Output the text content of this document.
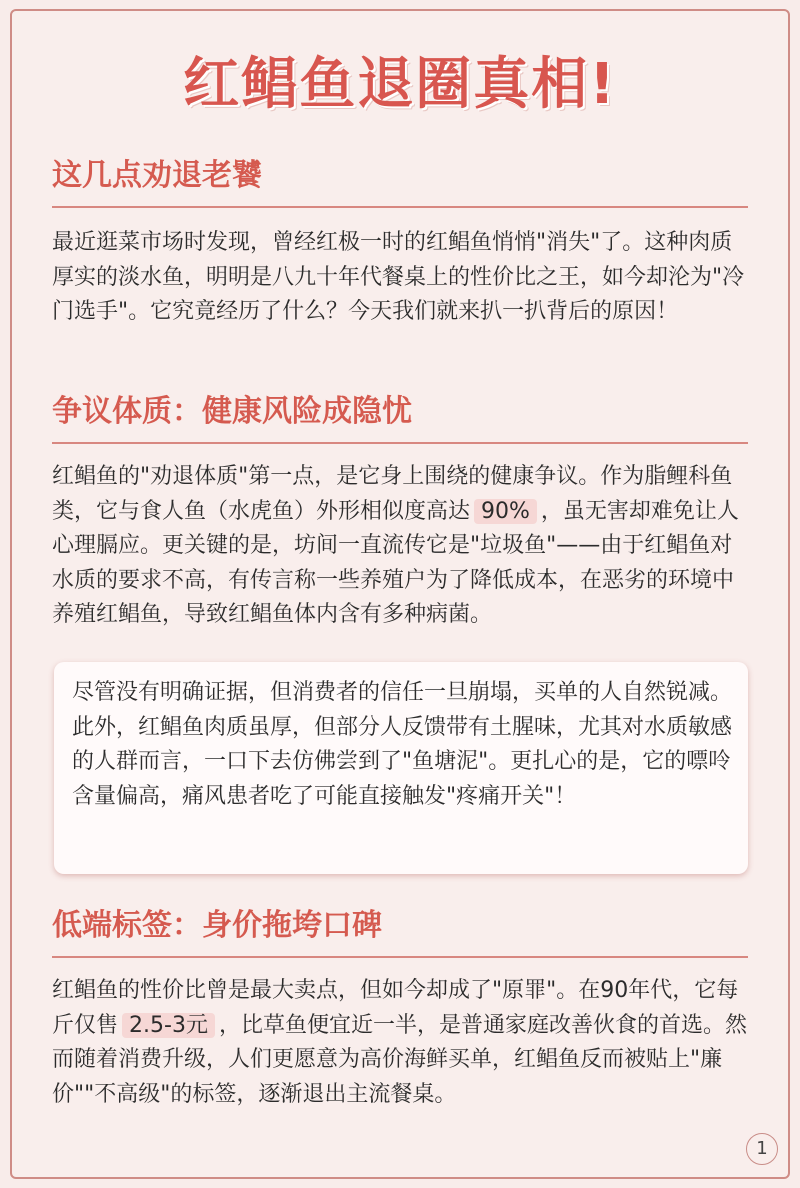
红鲳鱼退圈真相!
这几点劝退老饕

最近逛菜市场时发现，曾经红极一时的红鲳鱼悄悄"消失"了。这种肉质厚实的淡水鱼，明明是八九十年代餐桌上的性价比之王，如今却沦为"冷门选手"。它究竟经历了什么？今天我们就来扒一扒背后的原因！

争议体质：健康风险成隐忧

红鲳鱼的"劝退体质"第一点，是它身上围绕的健康争议。作为脂鲤科鱼类，它与食人鱼（水虎鱼）外形相似度高达 90% ，虽无害却难免让人心理膈应。更关键的是，坊间一直流传它是"垃圾鱼"——由于红鲳鱼对水质的要求不高，有传言称一些养殖户为了降低成本，在恶劣的环境中养殖红鲳鱼，导致红鲳鱼体内含有多种病菌。

尽管没有明确证据，但消费者的信任一旦崩塌，买单的人自然锐减。此外，红鲳鱼肉质虽厚，但部分人反馈带有土腥味，尤其对水质敏感的人群而言，一口下去仿佛尝到了"鱼塘泥"。更扎心的是，它的嘌呤含量偏高，痛风患者吃了可能直接触发"疼痛开关"！

低端标签：身价拖垮口碑

红鲳鱼的性价比曾是最大卖点，但如今却成了"原罪"。在90年代，它每斤仅售 2.5-3元 ，比草鱼便宜近一半，是普通家庭改善伙食的首选。然而随着消费升级，人们更愿意为高价海鲜买单，红鲳鱼反而被贴上"廉价""不高级"的标签，逐渐退出主流餐桌。

1
